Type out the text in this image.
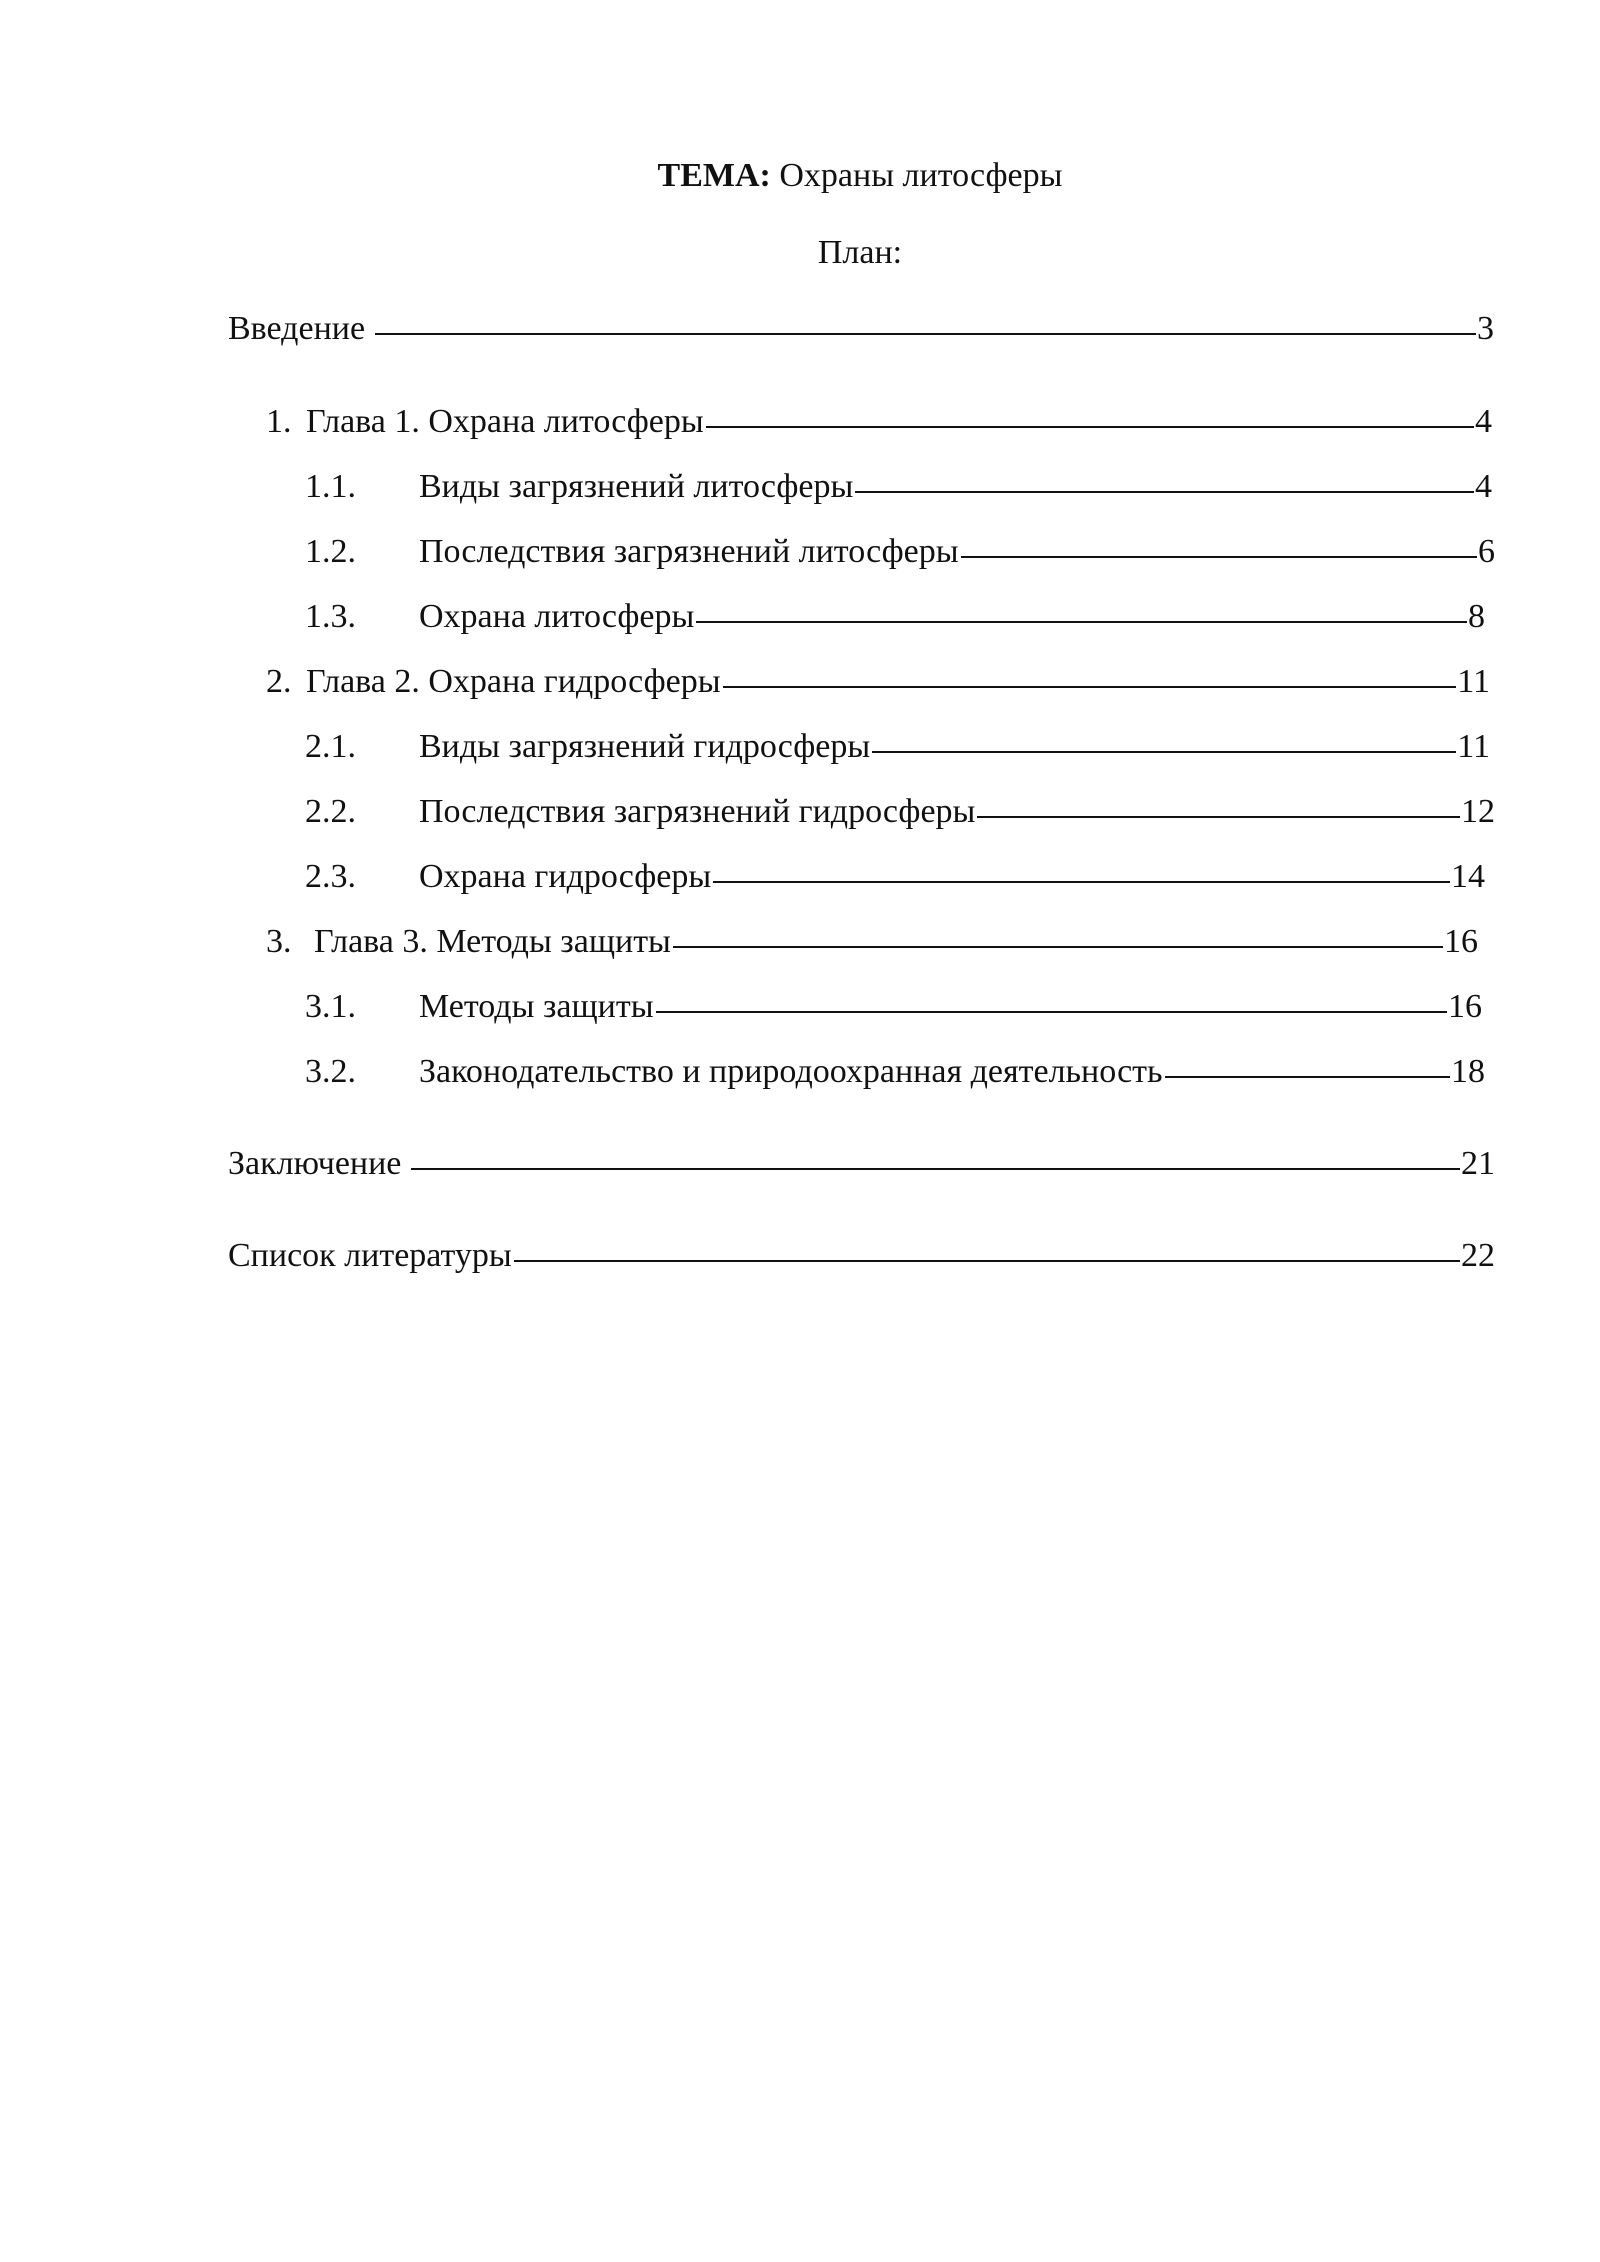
ТЕМА: Охраны литосферы
План:
Введение	3
1. Глава 1. Охрана литосферы	4
1.1.	Виды загрязнений литосферы	4
1.2.	Последствия загрязнений литосферы	6
1.3.	Охрана литосферы	8
2. Глава 2. Охрана гидросферы	11
2.1.	Виды загрязнений гидросферы	11
2.2.	Последствия загрязнений гидросферы	12
2.3.	Охрана гидросферы	14
3. Глава 3. Методы защиты	16
3.1.	Методы защиты	16
3.2.	Законодательство и природоохранная деятельность	18
Заключение	21
Список литературы	22
